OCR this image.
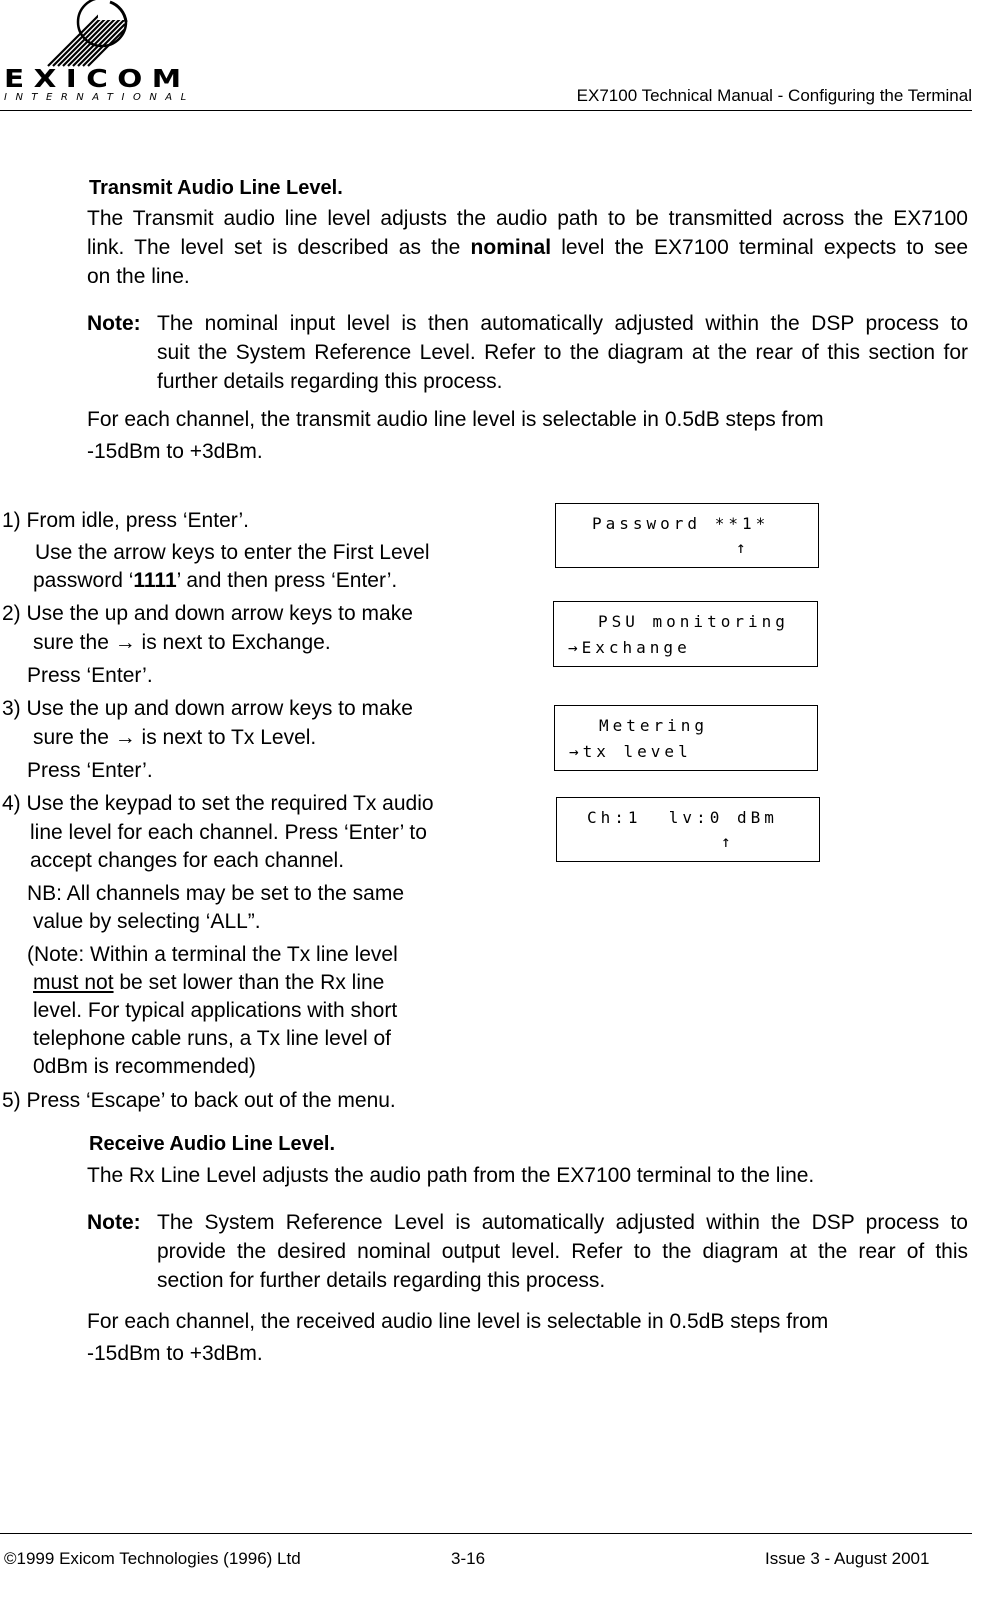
EXICOM
INTERNATIONAL	EX7100 Technical Manual - Configuring the Terminal
Transmit Audio Line Level.
The Transmit audio line level adjusts the audio path to be transmitted across the EX7100
link. The level set is described as the nominal level the EX7100 terminal expects to see
on the line.
Note: The nominal input level is then automatically adjusted within the DSP process to
suit the System Reference Level. Refer to the diagram at the rear of this section for
further details regarding this process.
For each channel, the transmit audio line level is selectable in 0.5dB steps from
-15dBm to +3dBm.
1) From idle, press ‘Enter’.
Use the arrow keys to enter the First Level
password ‘1111’ and then press ‘Enter’.
2) Use the up and down arrow keys to make
sure the → is next to Exchange.
Press ‘Enter’.
3) Use the up and down arrow keys to make
sure the → is next to Tx Level.
Press ‘Enter’.
4) Use the keypad to set the required Tx audio
line level for each channel. Press ‘Enter’ to
accept changes for each channel.
NB: All channels may be set to the same
value by selecting ‘ALL”.
(Note: Within a terminal the Tx line level
must not be set lower than the Rx line
level. For typical applications with short
telephone cable runs, a Tx line level of
0dBm is recommended)
5) Press ‘Escape’ to back out of the menu.

Password **1*

↑

PSU monitoring

→Exchange

Metering

→tx level

Ch:1  lv:0 dBm

↑

Receive Audio Line Level.
The Rx Line Level adjusts the audio path from the EX7100 terminal to the line.
Note: The System Reference Level is automatically adjusted within the DSP process to
provide the desired nominal output level. Refer to the diagram at the rear of this
section for further details regarding this process.
For each channel, the received audio line level is selectable in 0.5dB steps from
-15dBm to +3dBm.
©1999 Exicom Technologies (1996) Ltd	3-16	Issue 3 - August 2001
